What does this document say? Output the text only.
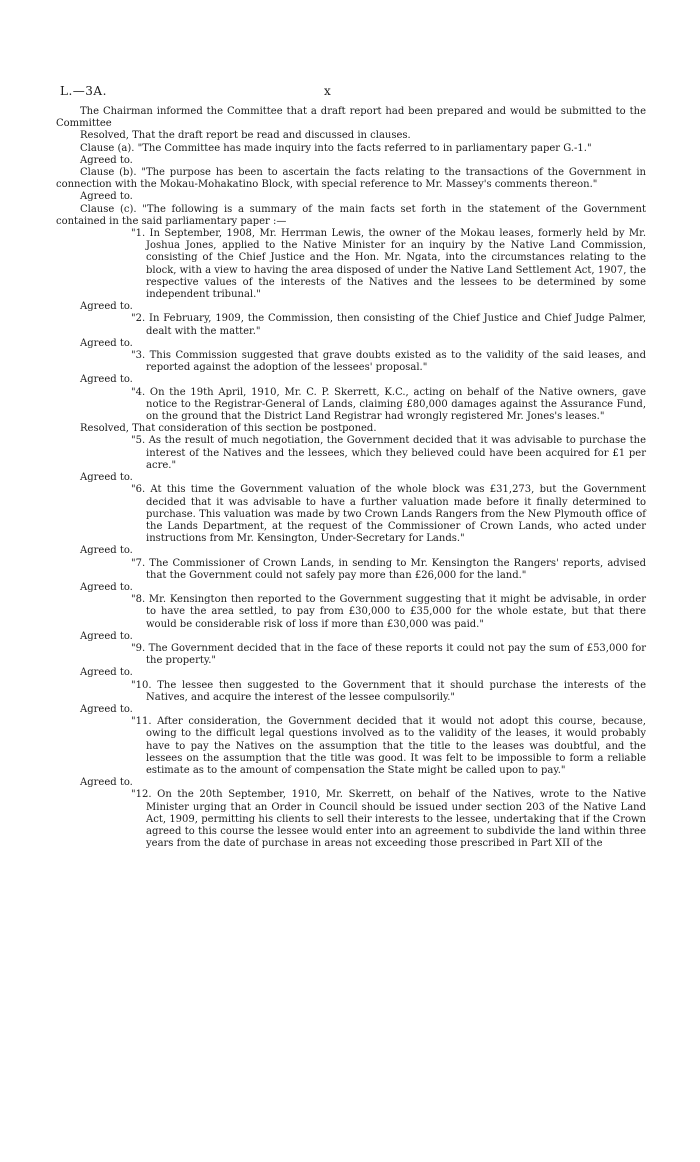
L.—3A.	x

The Chairman informed the Committee that a draft report had been prepared and would be submitted to the Committee

Resolved, That the draft report be read and discussed in clauses.

Clause (a). "The Committee has made inquiry into the facts referred to in parliamentary paper G.-1."

Agreed to.

Clause (b). "The purpose has been to ascertain the facts relating to the transactions of the Government in connection with the Mokau-Mohakatino Block, with special reference to Mr. Massey's comments thereon."

Agreed to.

Clause (c). "The following is a summary of the main facts set forth in the statement of the Government contained in the said parliamentary paper :—

"1. In September, 1908, Mr. Herrman Lewis, the owner of the Mokau leases, formerly held by Mr. Joshua Jones, applied to the Native Minister for an inquiry by the Native Land Commission, consisting of the Chief Justice and the Hon. Mr. Ngata, into the circumstances relating to the block, with a view to having the area disposed of under the Native Land Settlement Act, 1907, the respective values of the interests of the Natives and the lessees to be determined by some independent tribunal."

Agreed to.

"2. In February, 1909, the Commission, then consisting of the Chief Justice and Chief Judge Palmer, dealt with the matter."

Agreed to.

"3. This Commission suggested that grave doubts existed as to the validity of the said leases, and reported against the adoption of the lessees' proposal."

Agreed to.

"4. On the 19th April, 1910, Mr. C. P. Skerrett, K.C., acting on behalf of the Native owners, gave notice to the Registrar-General of Lands, claiming £80,000 damages against the Assurance Fund, on the ground that the District Land Registrar had wrongly registered Mr. Jones's leases."

Resolved, That consideration of this section be postponed.

"5. As the result of much negotiation, the Government decided that it was advisable to purchase the interest of the Natives and the lessees, which they believed could have been acquired for £1 per acre."

Agreed to.

"6. At this time the Government valuation of the whole block was £31,273, but the Government decided that it was advisable to have a further valuation made before it finally determined to purchase. This valuation was made by two Crown Lands Rangers from the New Plymouth office of the Lands Department, at the request of the Commissioner of Crown Lands, who acted under instructions from Mr. Kensington, Under-Secretary for Lands."

Agreed to.

"7. The Commissioner of Crown Lands, in sending to Mr. Kensington the Rangers' reports, advised that the Government could not safely pay more than £26,000 for the land."

Agreed to.

"8. Mr. Kensington then reported to the Government suggesting that it might be advisable, in order to have the area settled, to pay from £30,000 to £35,000 for the whole estate, but that there would be considerable risk of loss if more than £30,000 was paid."

Agreed to.

"9. The Government decided that in the face of these reports it could not pay the sum of £53,000 for the property."

Agreed to.

"10. The lessee then suggested to the Government that it should purchase the interests of the Natives, and acquire the interest of the lessee compulsorily."

Agreed to.

"11. After consideration, the Government decided that it would not adopt this course, because, owing to the difficult legal questions involved as to the validity of the leases, it would probably have to pay the Natives on the assumption that the title to the leases was doubtful, and the lessees on the assumption that the title was good. It was felt to be impossible to form a reliable estimate as to the amount of compensation the State might be called upon to pay."

Agreed to.

"12. On the 20th September, 1910, Mr. Skerrett, on behalf of the Natives, wrote to the Native Minister urging that an Order in Council should be issued under section 203 of the Native Land Act, 1909, permitting his clients to sell their interests to the lessee, undertaking that if the Crown agreed to this course the lessee would enter into an agreement to subdivide the land within three years from the date of purchase in areas not exceeding those prescribed in Part XII of the
